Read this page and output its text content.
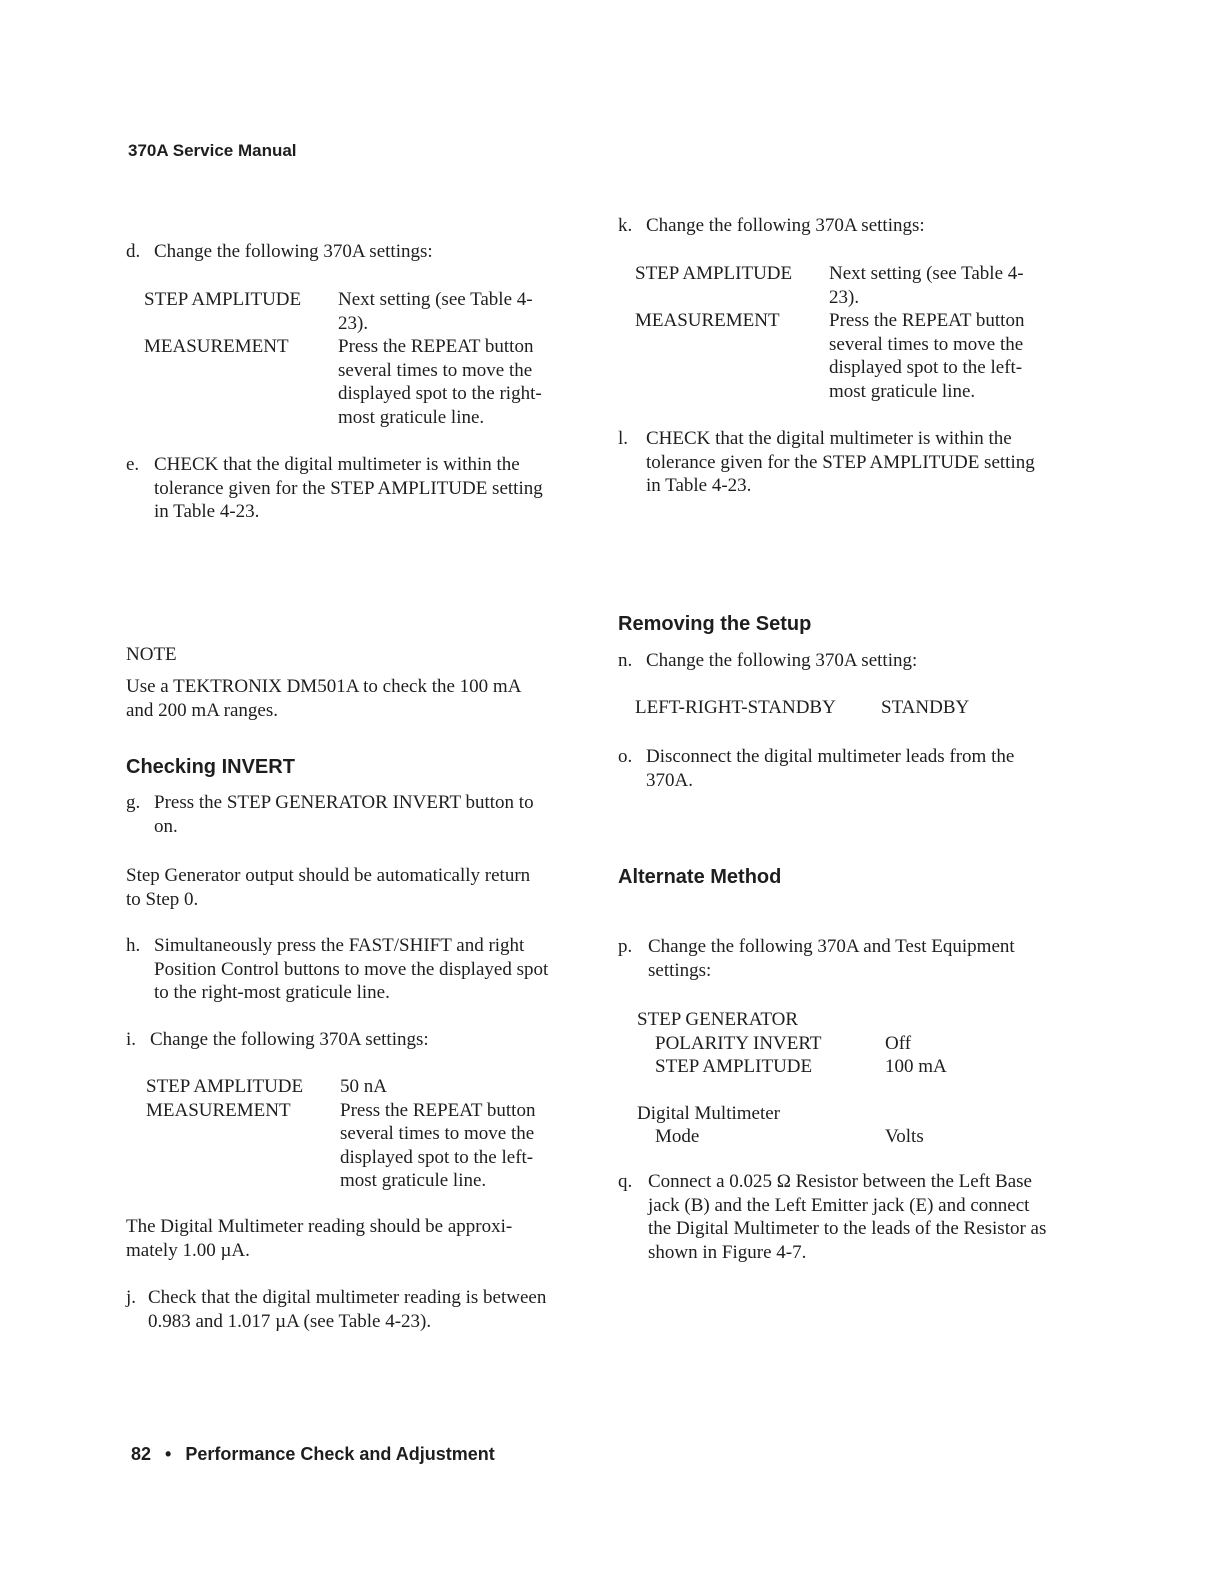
370A Service Manual
d. Change the following 370A settings:
STEP AMPLITUDE	Next setting (see Table 4-
23).
MEASUREMENT	Press the REPEAT button
several times to move the
displayed spot to the right-
most graticule line.
e. CHECK that the digital multimeter is within the
tolerance given for the STEP AMPLITUDE setting
in Table 4-23.
NOTE
Use a TEKTRONIX DM501A to check the 100 mA
and 200 mA ranges.
Checking INVERT
g. Press the STEP GENERATOR INVERT button to
on.
Step Generator output should be automatically return
to Step 0.
h. Simultaneously press the FAST/SHIFT and right
Position Control buttons to move the displayed spot
to the right-most graticule line.
i. Change the following 370A settings:
STEP AMPLITUDE	50 nA
MEASUREMENT	Press the REPEAT button
several times to move the
displayed spot to the left-
most graticule line.
The Digital Multimeter reading should be approxi-
mately 1.00 µA.
j. Check that the digital multimeter reading is between
0.983 and 1.017 µA (see Table 4-23).
k. Change the following 370A settings:
STEP AMPLITUDE	Next setting (see Table 4-
23).
MEASUREMENT	Press the REPEAT button
several times to move the
displayed spot to the left-
most graticule line.
l. CHECK that the digital multimeter is within the
tolerance given for the STEP AMPLITUDE setting
in Table 4-23.
Removing the Setup
n. Change the following 370A setting:
LEFT-RIGHT-STANDBY	STANDBY
o. Disconnect the digital multimeter leads from the
370A.
Alternate Method
p. Change the following 370A and Test Equipment
settings:
STEP GENERATOR
POLARITY INVERT	Off
STEP AMPLITUDE	100 mA
Digital Multimeter
Mode	Volts
q. Connect a 0.025 Ω Resistor between the Left Base
jack (B) and the Left Emitter jack (E) and connect
the Digital Multimeter to the leads of the Resistor as
shown in Figure 4-7.
82 • Performance Check and Adjustment
